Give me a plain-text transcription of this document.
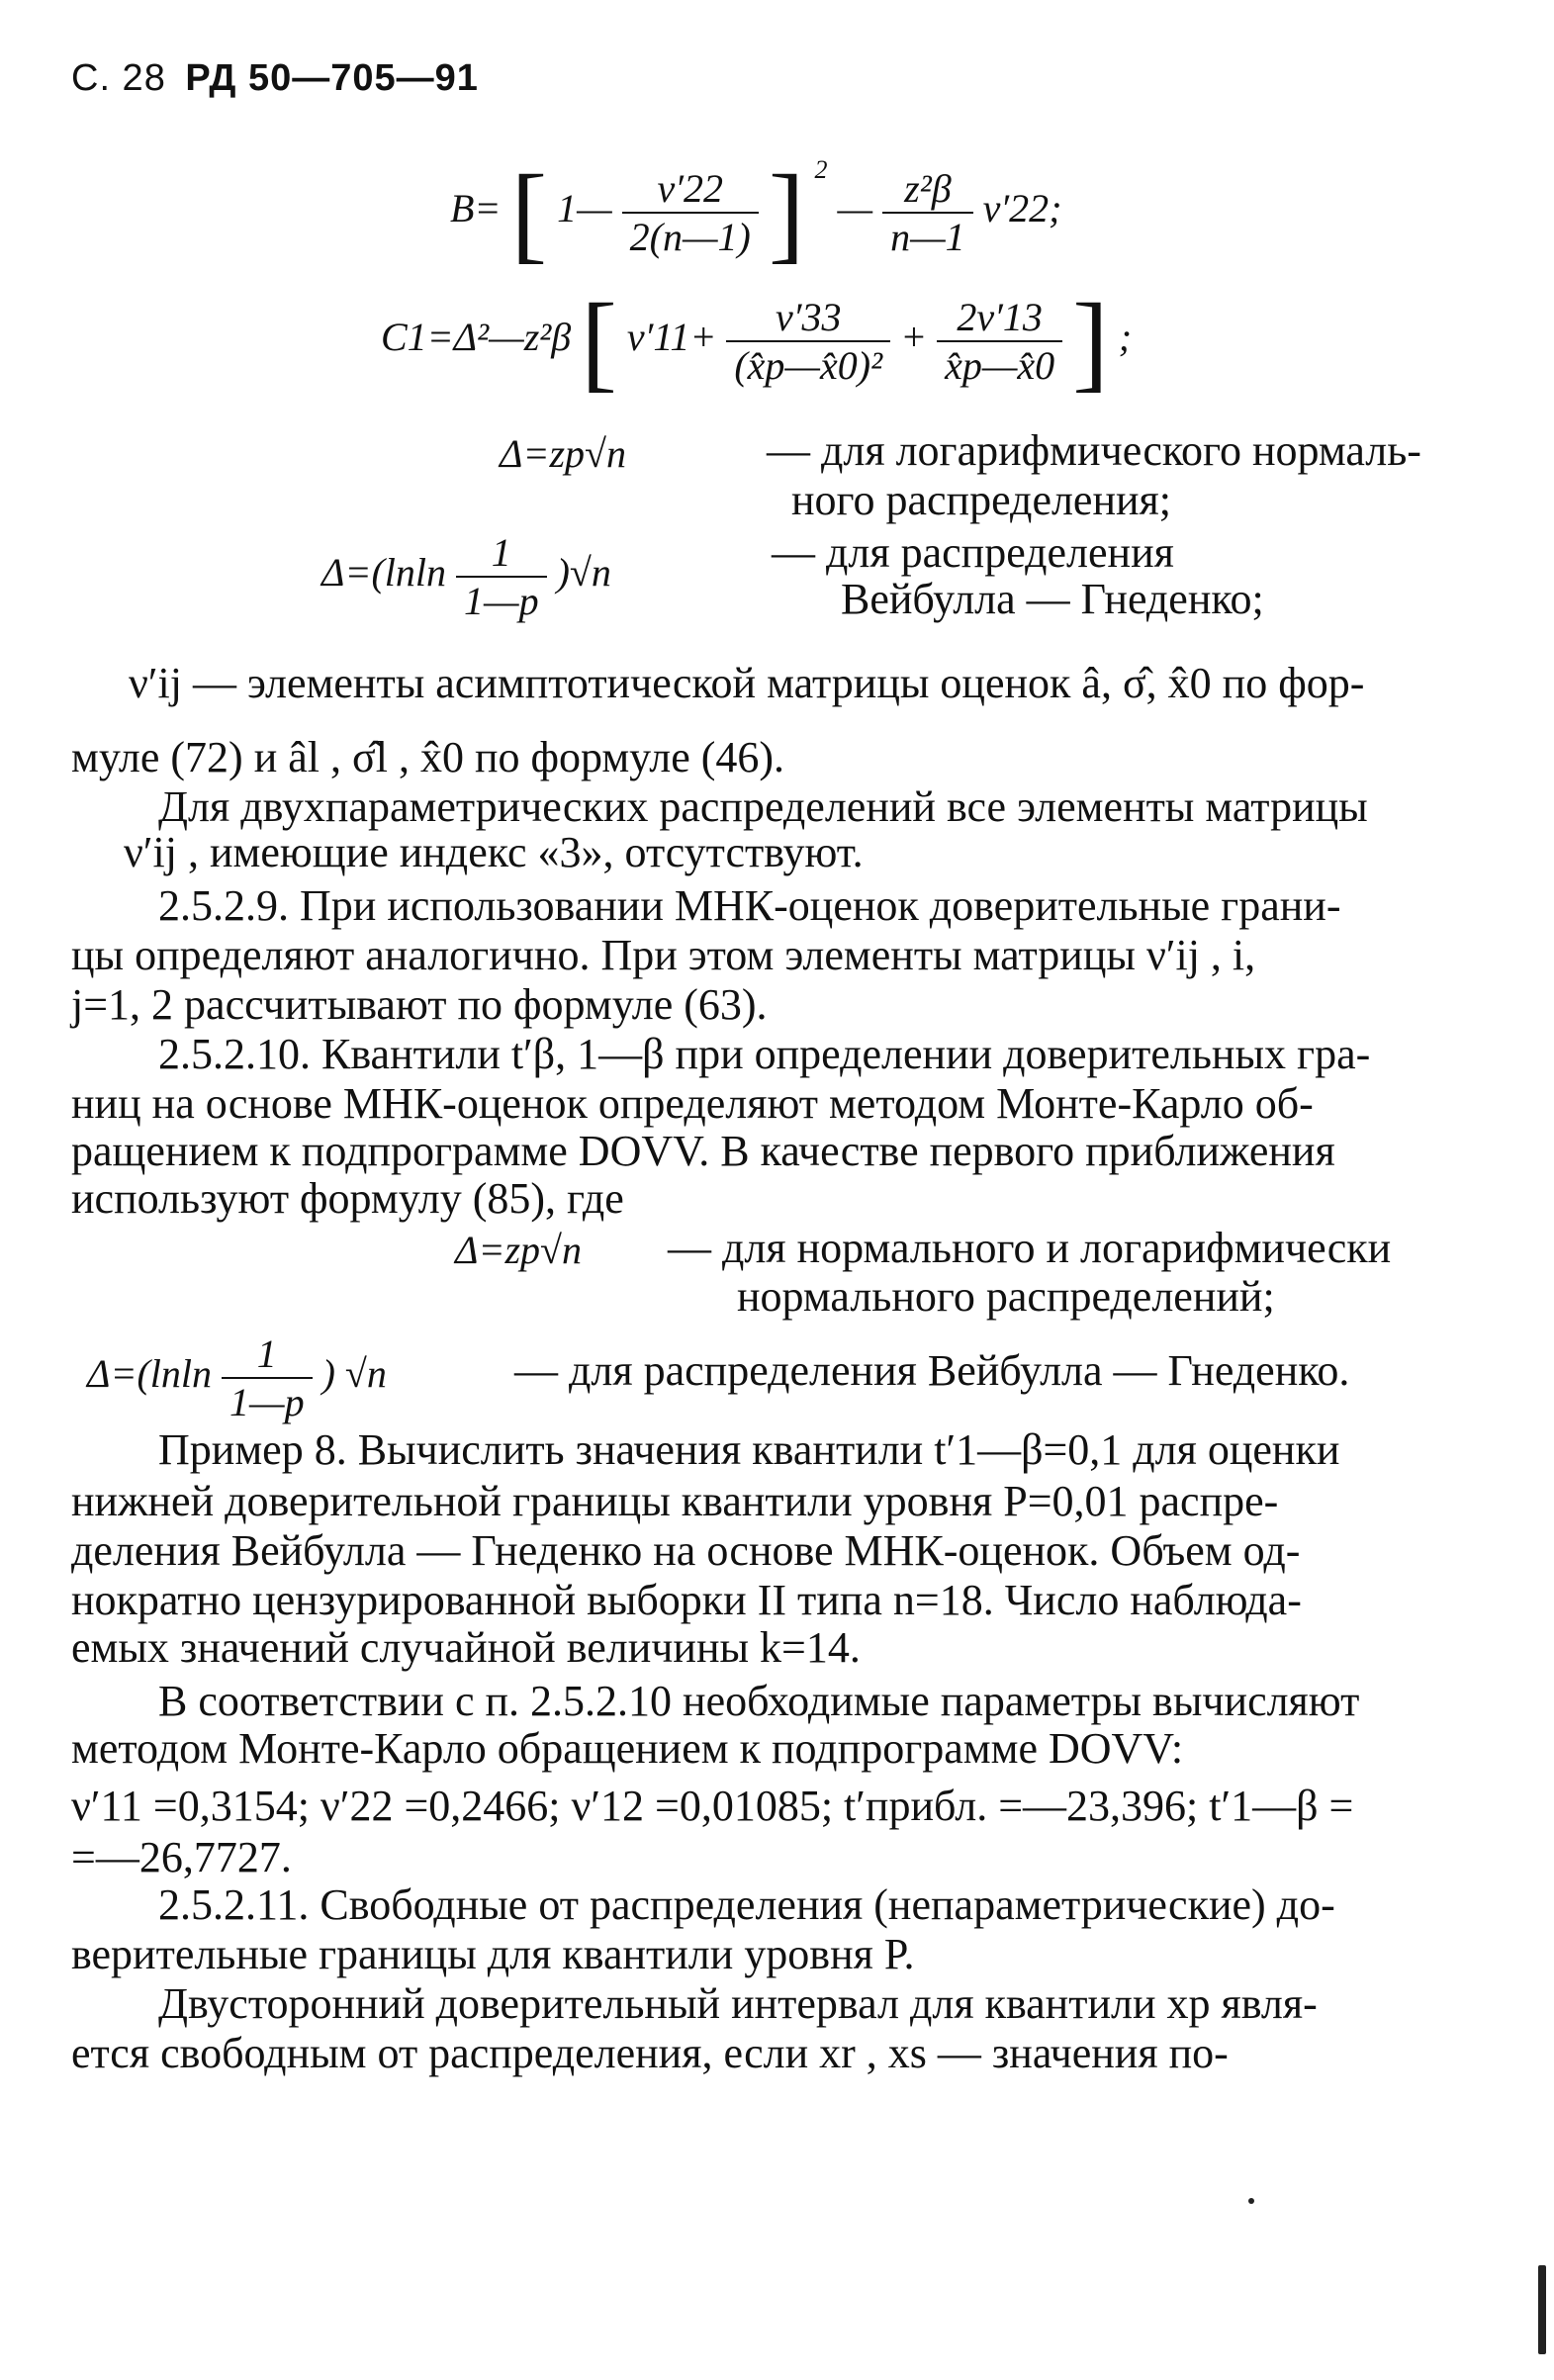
С. 28 РД 50—705—91
B= [ 1— $\frac{\nu'22}{2(n—1)}$ ] $^2$ — $\frac{\text{z²β}}{n—1} \nu'22$;
C1=Δ²—z²β [ $\nu'11+ \frac{\nu'33}{\text{(x̂p—x̂0)²}} + \frac{2\nu'13}{x̂p—x̂0}$ ] ;
Δ=zp√n	— для логарифмического нормаль-
ного распределения;
$\Delta=(lnln \frac{1}{1—p} )√n$	— для распределения
Вейбулла — Гнеденко;
ν′ij — элементы асимптотической матрицы оценок â, σ̂, x̂0 по фор-
муле (72) и âl , σ̂l , x̂0 по формуле (46).
Для двухпараметрических распределений все элементы матрицы
ν′ij , имеющие индекс «3», отсутствуют.
2.5.2.9. При использовании МНК-оценок доверительные грани-
цы определяют аналогично. При этом элементы матрицы ν′ij , i,
j=1, 2 рассчитывают по формуле (63).
2.5.2.10. Квантили t′β, 1—β при определении доверительных гра-
ниц на основе МНК-оценок определяют методом Монте-Карло об-
ращением к подпрограмме DOVV. В качестве первого приближения
используют формулу (85), где
Δ=zp√n — для нормального и логарифмически
нормального распределений;
$\Delta=(lnln \frac{1}{1—p}$ ) √n	— для распределения Вейбулла — Гнеденко.
Пример 8. Вычислить значения квантили t′1—β=0,1 для оценки
нижней доверительной границы квантили уровня P=0,01 распре-
деления Вейбулла — Гнеденко на основе МНК-оценок. Объем од-
нократно цензурированной выборки II типа n=18. Число наблюда-
емых значений случайной величины k=14.
В соответствии с п. 2.5.2.10 необходимые параметры вычисляют
методом Монте-Карло обращением к подпрограмме DOVV:
ν′11 =0,3154; ν′22 =0,2466; ν′12 =0,01085; t′прибл. =—23,396; t′1—β =
=—26,7727.
2.5.2.11. Свободные от распределения (непараметрические) до-
верительные границы для квантили уровня P.
Двусторонний доверительный интервал для квантили xp явля-
ется свободным от распределения, если xr , xs — значения по-
